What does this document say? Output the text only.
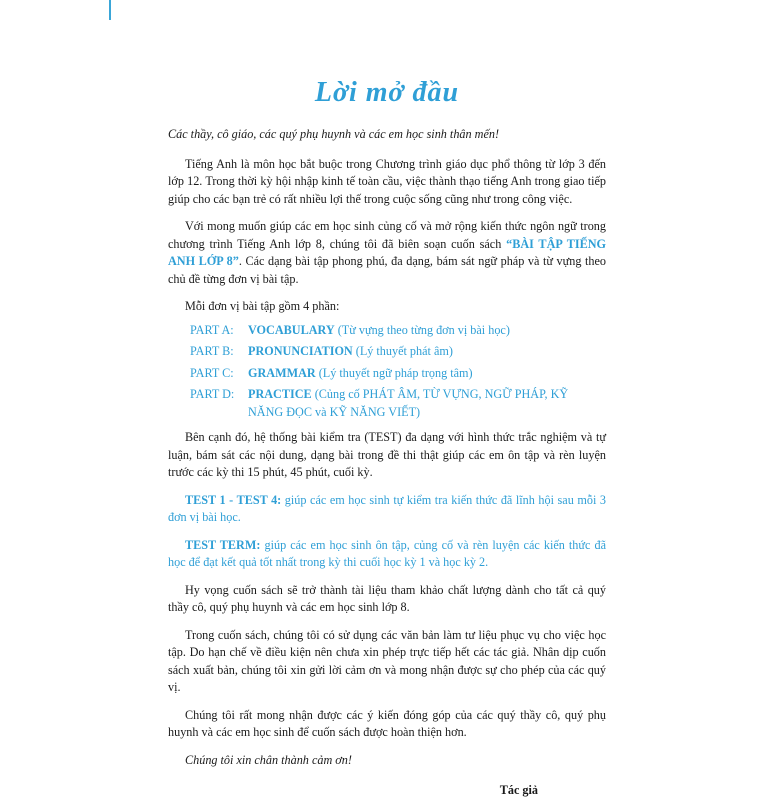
Lời mở đầu

Các thầy, cô giáo, các quý phụ huynh và các em học sinh thân mến!

Tiếng Anh là môn học bắt buộc trong Chương trình giáo dục phổ thông từ lớp 3 đến lớp 12. Trong thời kỳ hội nhập kinh tế toàn cầu, việc thành thạo tiếng Anh trong giao tiếp giúp cho các bạn trẻ có rất nhiều lợi thế trong cuộc sống cũng như trong công việc.

Với mong muốn giúp các em học sinh củng cố và mở rộng kiến thức ngôn ngữ trong chương trình Tiếng Anh lớp 8, chúng tôi đã biên soạn cuốn sách “BÀI TẬP TIẾNG ANH LỚP 8”. Các dạng bài tập phong phú, đa dạng, bám sát ngữ pháp và từ vựng theo chủ đề từng đơn vị bài tập.

Mỗi đơn vị bài tập gồm 4 phần:

PART A:	VOCABULARY (Từ vựng theo từng đơn vị bài học)
PART B:	PRONUNCIATION (Lý thuyết phát âm)
PART C:	GRAMMAR (Lý thuyết ngữ pháp trọng tâm)
PART D:	PRACTICE (Củng cố PHÁT ÂM, TỪ VỰNG, NGỮ PHÁP, KỸ NĂNG ĐỌC và KỸ NĂNG VIẾT)

Bên cạnh đó, hệ thống bài kiểm tra (TEST) đa dạng với hình thức trắc nghiệm và tự luận, bám sát các nội dung, dạng bài trong đề thi thật giúp các em ôn tập và rèn luyện trước các kỳ thi 15 phút, 45 phút, cuối kỳ.

TEST 1 - TEST 4: giúp các em học sinh tự kiểm tra kiến thức đã lĩnh hội sau mỗi 3 đơn vị bài học.

TEST TERM: giúp các em học sinh ôn tập, củng cố và rèn luyện các kiến thức đã học để đạt kết quả tốt nhất trong kỳ thi cuối học kỳ 1 và học kỳ 2.

Hy vọng cuốn sách sẽ trở thành tài liệu tham khảo chất lượng dành cho tất cả quý thầy cô, quý phụ huynh và các em học sinh lớp 8.

Trong cuốn sách, chúng tôi có sử dụng các văn bản làm tư liệu phục vụ cho việc học tập. Do hạn chế về điều kiện nên chưa xin phép trực tiếp hết các tác giả. Nhân dịp cuốn sách xuất bản, chúng tôi xin gửi lời cảm ơn và mong nhận được sự cho phép của các quý vị.

Chúng tôi rất mong nhận được các ý kiến đóng góp của các quý thầy cô, quý phụ huynh và các em học sinh để cuốn sách được hoàn thiện hơn.

Chúng tôi xin chân thành cảm ơn!

Tác giả
